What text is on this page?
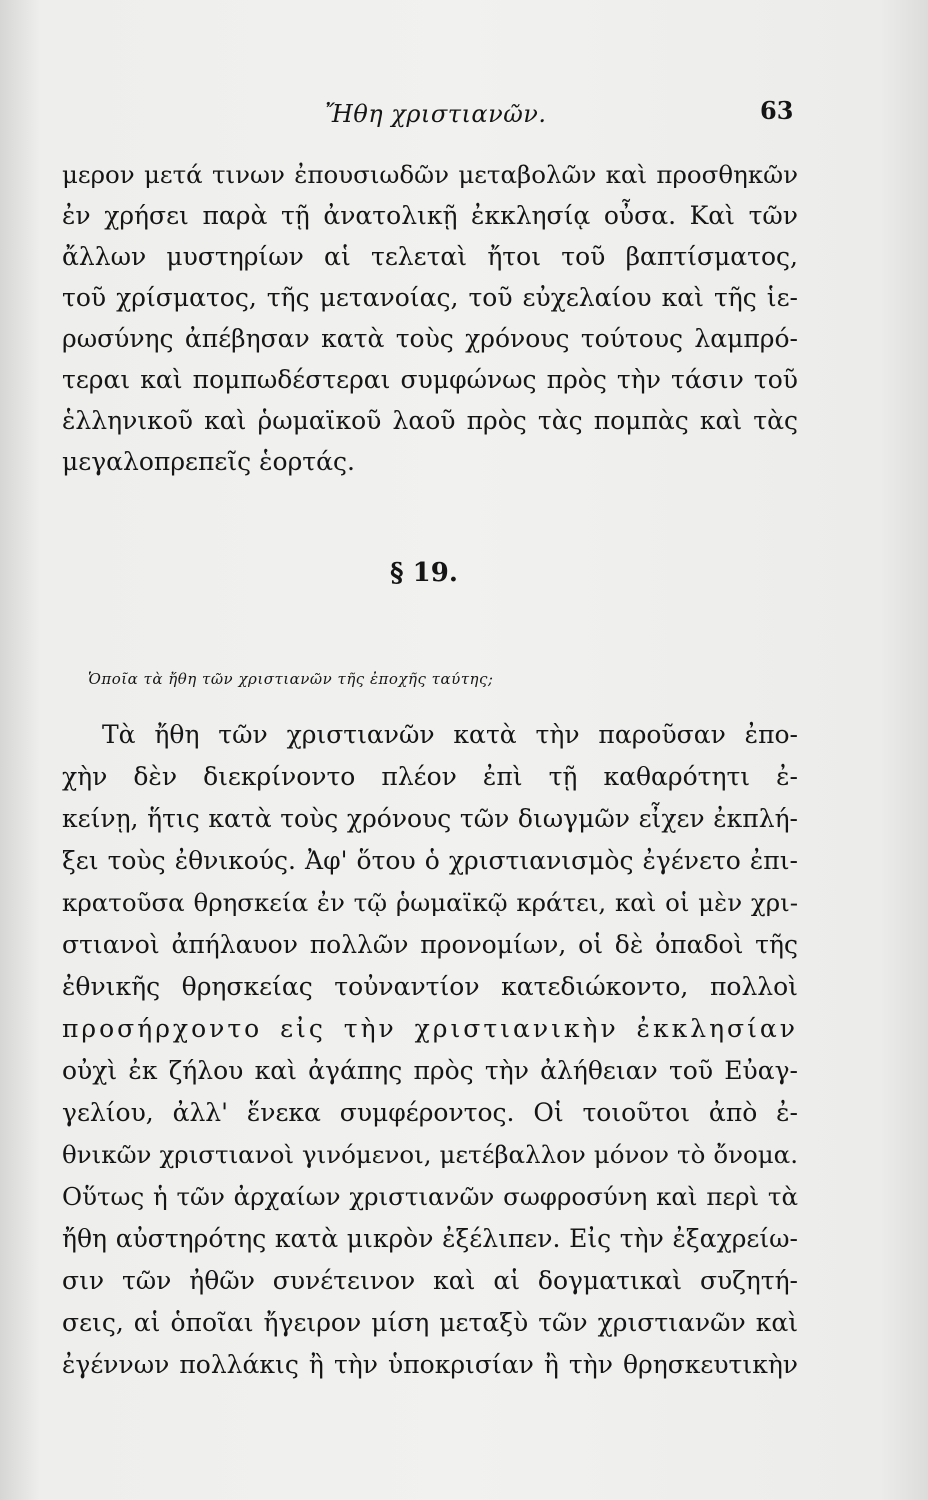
Ἤθη χριστιανῶν.	63
μερον μετά τινων ἐπουσιωδῶν μεταβολῶν καὶ προσθηκῶν
ἐν χρήσει παρὰ τῇ ἀνατολικῇ ἐκκλησίᾳ οὖσα. Καὶ τῶν
ἄλλων μυστηρίων αἱ τελεταὶ ἤτοι τοῦ βαπτίσματος,
τοῦ χρίσματος, τῆς μετανοίας, τοῦ εὐχελαίου καὶ τῆς ἱε-
ρωσύνης ἀπέβησαν κατὰ τοὺς χρόνους τούτους λαμπρό-
τεραι καὶ πομπωδέστεραι συμφώνως πρὸς τὴν τάσιν τοῦ
ἑλληνικοῦ καὶ ῥωμαϊκοῦ λαοῦ πρὸς τὰς πομπὰς καὶ τὰς
μεγαλοπρεπεῖς ἑορτάς.
§ 19.
Ὁποῖα τὰ ἤθη τῶν χριστιανῶν τῆς ἐποχῆς ταύτης;
Τὰ ἤθη τῶν χριστιανῶν κατὰ τὴν παροῦσαν ἐπο-
χὴν δὲν διεκρίνοντο πλέον ἐπὶ τῇ καθαρότητι ἐ-
κείνῃ, ἥτις κατὰ τοὺς χρόνους τῶν διωγμῶν εἶχεν ἐκπλή-
ξει τοὺς ἐθνικούς. Ἀφ' ὅτου ὁ χριστιανισμὸς ἐγένετο ἐπι-
κρατοῦσα θρησκεία ἐν τῷ ῥωμαϊκῷ κράτει, καὶ οἱ μὲν χρι-
στιανοὶ ἀπήλαυον πολλῶν προνομίων, οἱ δὲ ὀπαδοὶ τῆς
ἐθνικῆς θρησκείας τοὐναντίον κατεδιώκοντο, πολλοὶ
προσήρχοντο εἰς τὴν χριστιανικὴν ἐκκλησίαν
οὐχὶ ἐκ ζήλου καὶ ἀγάπης πρὸς τὴν ἀλήθειαν τοῦ Εὐαγ-
γελίου, ἀλλ' ἕνεκα συμφέροντος. Οἱ τοιοῦτοι ἀπὸ ἐ-
θνικῶν χριστιανοὶ γινόμενοι, μετέβαλλον μόνον τὸ ὄνομα.
Οὕτως ἡ τῶν ἀρχαίων χριστιανῶν σωφροσύνη καὶ περὶ τὰ
ἤθη αὐστηρότης κατὰ μικρὸν ἐξέλιπεν. Εἰς τὴν ἐξαχρείω-
σιν τῶν ἠθῶν συνέτεινον καὶ αἱ δογματικαὶ συζητή-
σεις, αἱ ὁποῖαι ἤγειρον μίση μεταξὺ τῶν χριστιανῶν καὶ
ἐγέννων πολλάκις ἢ τὴν ὑποκρισίαν ἢ τὴν θρησκευτικὴν
